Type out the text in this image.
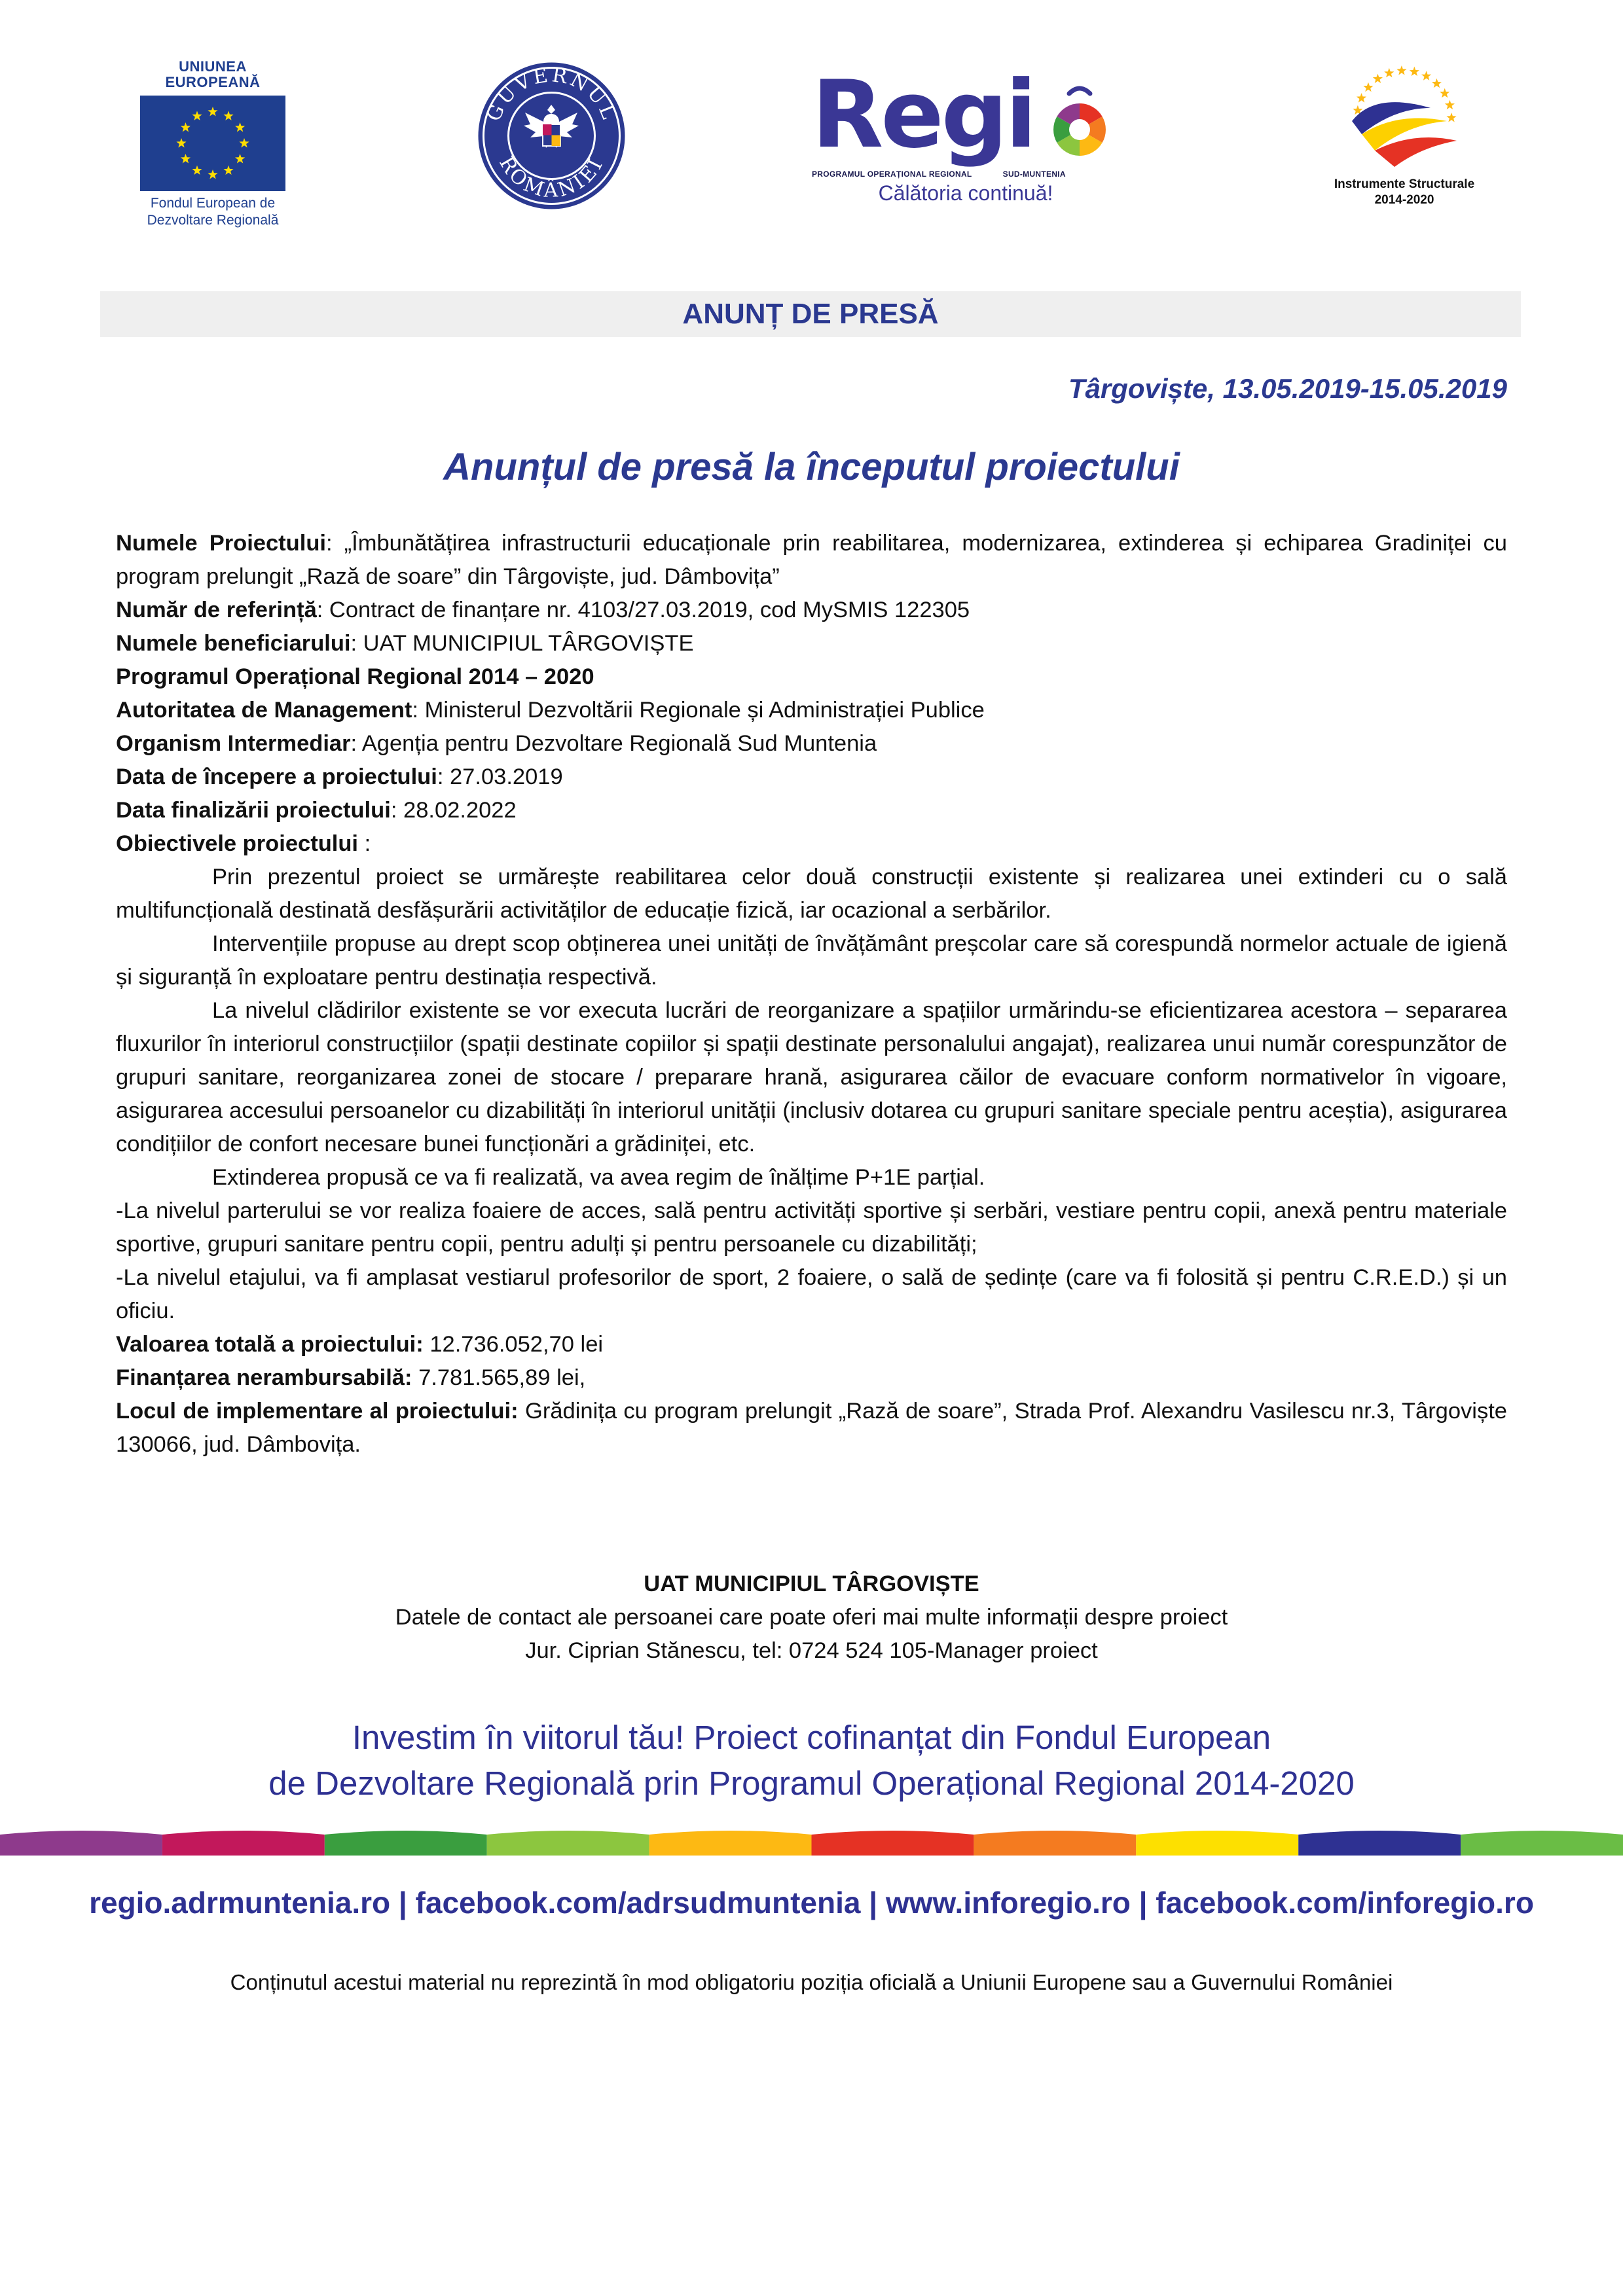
UNIUNEA EUROPEANĂ
Fondul European de
Dezvoltare Regională
GUVERNUL
ROMÂNIEI Regi
PROGRAMUL OPERAȚIONAL REGIONAL	SUD-MUNTENIA
Călătoria continuă!	Instrumente Structurale
2014-2020
ANUNȚ DE PRESĂ
Târgoviște, 13.05.2019-15.05.2019
Anunțul de presă la începutul proiectului

Numele Proiectului: „Îmbunătățirea infrastructurii educaționale prin reabilitarea, modernizarea, extinderea și echiparea Gradiniței cu program prelungit „Rază de soare” din Târgoviște, jud. Dâmbovița”

Număr de referință: Contract de finanțare nr. 4103/27.03.2019, cod MySMIS 122305

Numele beneficiarului: UAT MUNICIPIUL TÂRGOVIȘTE

Programul Operațional Regional 2014 – 2020

Autoritatea de Management: Ministerul Dezvoltării Regionale și Administrației Publice

Organism Intermediar: Agenția pentru Dezvoltare Regională Sud Muntenia

Data de începere a proiectului: 27.03.2019

Data finalizării proiectului: 28.02.2022

Obiectivele proiectului :

Prin prezentul proiect se urmărește reabilitarea celor două construcții existente și realizarea unei extinderi cu o sală multifuncțională destinată desfășurării activităților de educație fizică, iar ocazional a serbărilor.

Intervențiile propuse au drept scop obținerea unei unități de învățământ preșcolar care să corespundă normelor actuale de igienă și siguranță în exploatare pentru destinația respectivă.

La nivelul clădirilor existente se vor executa lucrări de reorganizare a spațiilor urmărindu-se eficientizarea acestora – separarea fluxurilor în interiorul construcțiilor (spații destinate copiilor și spații destinate personalului angajat), realizarea unui număr corespunzător de grupuri sanitare, reorganizarea zonei de stocare / preparare hrană, asigurarea căilor de evacuare conform normativelor în vigoare, asigurarea accesului persoanelor cu dizabilități în interiorul unității (inclusiv dotarea cu grupuri sanitare speciale pentru aceștia), asigurarea condițiilor de confort necesare bunei funcționări a grădiniței, etc.

Extinderea propusă ce va fi realizată, va avea regim de înălțime P+1E parțial.

-La nivelul parterului se vor realiza foaiere de acces, sală pentru activități sportive și serbări, vestiare pentru copii, anexă pentru materiale sportive, grupuri sanitare pentru copii, pentru adulți și pentru persoanele cu dizabilități;

-La nivelul etajului, va fi amplasat vestiarul profesorilor de sport, 2 foaiere, o sală de ședințe (care va fi folosită și pentru C.R.E.D.) și un oficiu.

Valoarea totală a proiectului: 12.736.052,70 lei

Finanțarea nerambursabilă: 7.781.565,89 lei,

Locul de implementare al proiectului: Grădinița cu program prelungit „Rază de soare”, Strada Prof. Alexandru Vasilescu nr.3, Târgoviște 130066, jud. Dâmbovița.

UAT MUNICIPIUL TÂRGOVIȘTE
Datele de contact ale persoanei care poate oferi mai multe informații despre proiect
Jur. Ciprian Stănescu, tel: 0724 524 105-Manager proiect
Investim în viitorul tău! Proiect cofinanțat din Fondul European
de Dezvoltare Regională prin Programul Operațional Regional 2014-2020
regio.adrmuntenia.ro | facebook.com/adrsudmuntenia | www.inforegio.ro | facebook.com/inforegio.ro
Conținutul acestui material nu reprezintă în mod obligatoriu poziția oficială a Uniunii Europene sau a Guvernului României
